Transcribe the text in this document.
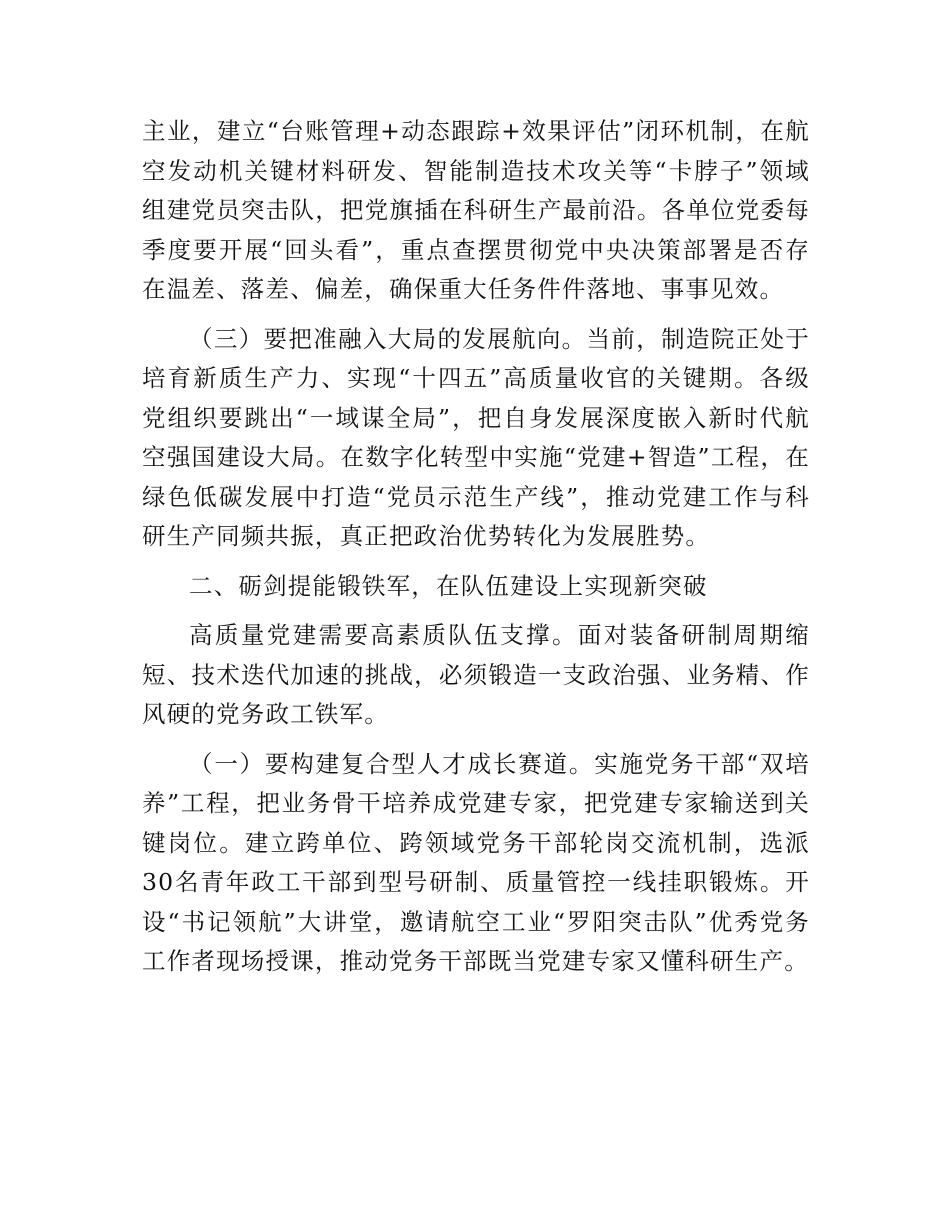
主业，建立“台账管理+动态跟踪+效果评估”闭环机制，在航空发动机关键材料研发、智能制造技术攻关等“卡脖子”领域组建党员突击队，把党旗插在科研生产最前沿。各单位党委每季度要开展“回头看”，重点查摆贯彻党中央决策部署是否存在温差、落差、偏差，确保重大任务件件落地、事事见效。

（三）要把准融入大局的发展航向。当前，制造院正处于培育新质生产力、实现“十四五”高质量收官的关键期。各级党组织要跳出“一域谋全局”，把自身发展深度嵌入新时代航空强国建设大局。在数字化转型中实施“党建+智造”工程，在绿色低碳发展中打造“党员示范生产线”，推动党建工作与科研生产同频共振，真正把政治优势转化为发展胜势。

二、砺剑提能锻铁军，在队伍建设上实现新突破

高质量党建需要高素质队伍支撑。面对装备研制周期缩短、技术迭代加速的挑战，必须锻造一支政治强、业务精、作风硬的党务政工铁军。

（一）要构建复合型人才成长赛道。实施党务干部“双培养”工程，把业务骨干培养成党建专家，把党建专家输送到关键岗位。建立跨单位、跨领域党务干部轮岗交流机制，选派30名青年政工干部到型号研制、质量管控一线挂职锻炼。开设“书记领航”大讲堂，邀请航空工业“罗阳突击队”优秀党务工作者现场授课，推动党务干部既当党建专家又懂科研生产。
